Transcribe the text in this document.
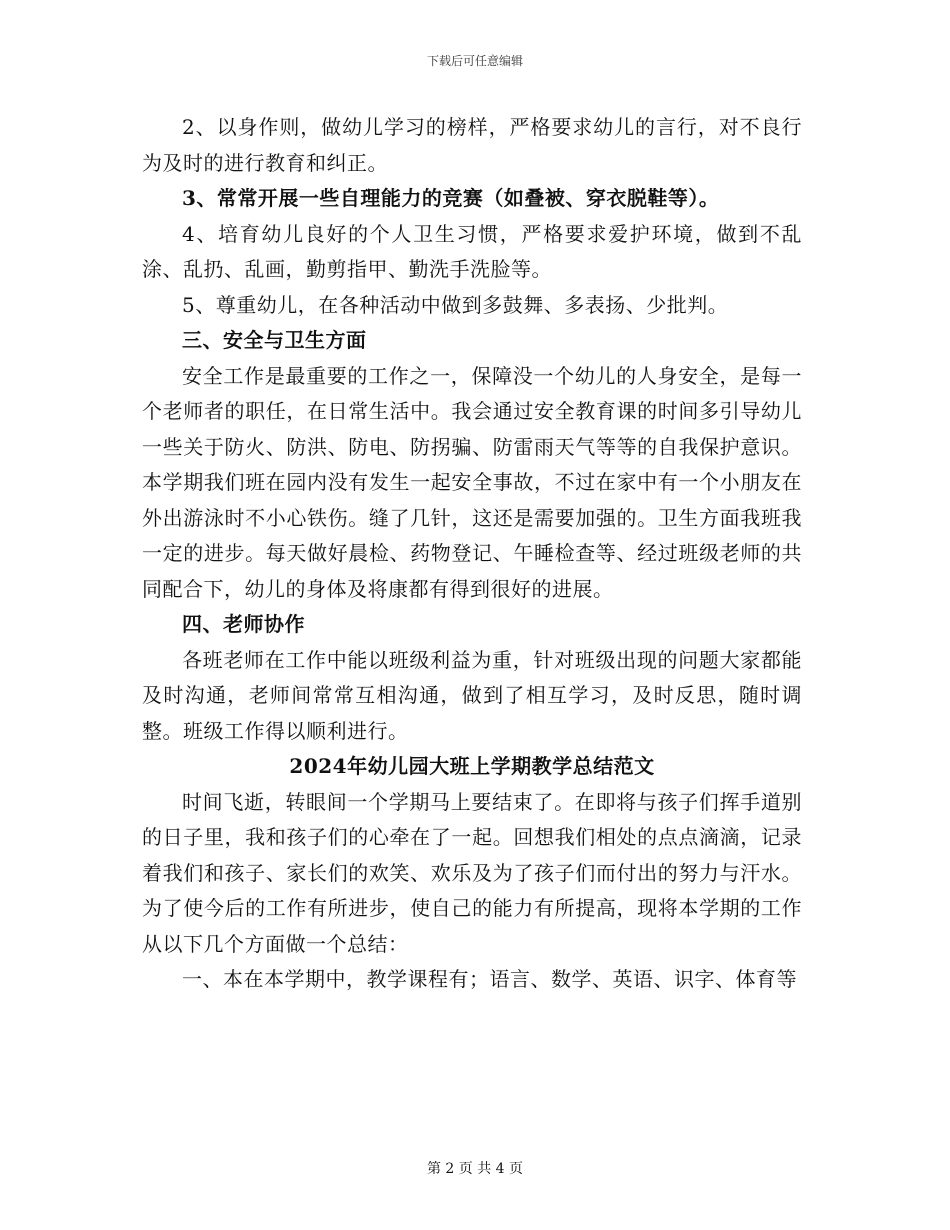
下载后可任意编辑

2、以身作则，做幼儿学习的榜样，严格要求幼儿的言行，对不良行为及时的进行教育和纠正。

3、常常开展一些自理能力的竞赛（如叠被、穿衣脱鞋等）。

4、培育幼儿良好的个人卫生习惯，严格要求爱护环境，做到不乱涂、乱扔、乱画，勤剪指甲、勤洗手洗脸等。

5、尊重幼儿，在各种活动中做到多鼓舞、多表扬、少批判。

三、安全与卫生方面

安全工作是最重要的工作之一，保障没一个幼儿的人身安全，是每一个老师者的职任，在日常生活中。我会通过安全教育课的时间多引导幼儿一些关于防火、防洪、防电、防拐骗、防雷雨天气等等的自我保护意识。本学期我们班在园内没有发生一起安全事故，不过在家中有一个小朋友在外出游泳时不小心铁伤。缝了几针，这还是需要加强的。卫生方面我班我一定的进步。每天做好晨检、药物登记、午睡检查等、经过班级老师的共同配合下，幼儿的身体及将康都有得到很好的进展。

四、老师协作

各班老师在工作中能以班级利益为重，针对班级出现的问题大家都能及时沟通，老师间常常互相沟通，做到了相互学习，及时反思，随时调整。班级工作得以顺利进行。

2024年幼儿园大班上学期教学总结范文

时间飞逝，转眼间一个学期马上要结束了。在即将与孩子们挥手道别的日子里，我和孩子们的心牵在了一起。回想我们相处的点点滴滴，记录着我们和孩子、家长们的欢笑、欢乐及为了孩子们而付出的努力与汗水。为了使今后的工作有所进步，使自己的能力有所提高，现将本学期的工作从以下几个方面做一个总结：

一、本在本学期中，教学课程有；语言、数学、英语、识字、体育等

第 2 页 共 4 页
